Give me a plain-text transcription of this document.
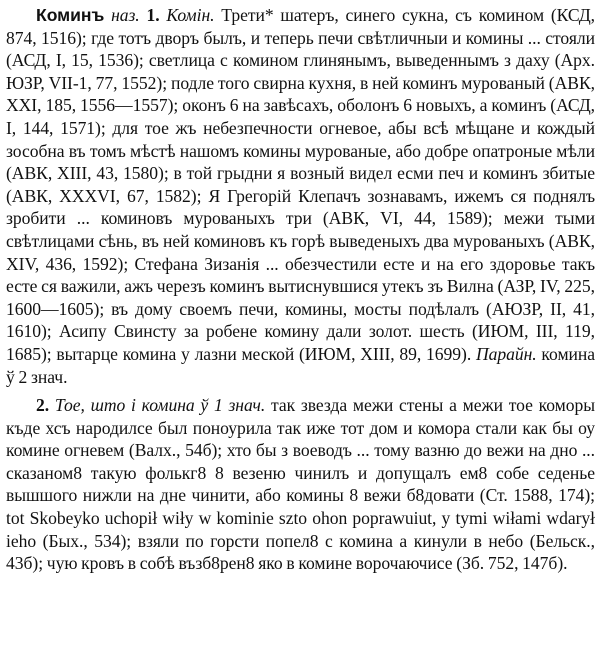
Коминъ наз. 1. Комін. Трети* шатеръ, синего сукна, съ комином (КСД, 874, 1516); где тотъ дворъ былъ, и теперь печи свѣтличныи и комины ... стояли (АСД, I, 15, 1536); светлица с комином глинянымъ, выведеннымъ з даху (Арх. ЮЗР, VII-1, 77, 1552); подле того свирна кухня, в ней коминъ мурованый (АВК, XXI, 185, 1556—1557); оконъ 6 на завѣсахъ, оболонъ 6 новыхъ, а коминъ (АСД, I, 144, 1571); для тое жъ небезпечности огневое, абы всѣ мѣщане и кождый зособна въ томъ мѣстѣ нашомъ комины мурованые, або добре опатроные мѣли (АВК, XIII, 43, 1580); в той грыдни я возный видел есми печ и коминъ збитые (АВК, XXXVI, 67, 1582); Я Грегорій Клепачъ зознавамъ, ижемъ ся поднялъ зробити ... коминовъ мурованыхъ три (АВК, VI, 44, 1589); межи тыми свѣтлицами сѣнь, въ ней коминовъ къ горѣ выведеныхъ два мурованыхъ (АВК, XIV, 436, 1592); Стефана Зизанія ... обезчестили есте и на его здоровье такъ есте ся важили, ажъ черезъ коминъ вытиснувшися утекъ зъ Вилна (АЗР, IV, 225, 1600—1605); въ дому своемъ печи, комины, мосты подѣлалъ (АЮЗР, II, 41, 1610); Асипу Свинсту за робене комину дали золот. шесть (ИЮМ, III, 119, 1685); вытарце комина у лазни меской (ИЮМ, XIII, 89, 1699). Парайн. комина ў 2 знач.

2. Тое, што і комина ў 1 знач. так звезда межи стены а межи тое коморы къде хсъ народилсе был поноурила так иже тот дом и комора стали как бы оу комине огневем (Валх., 54б); хто бы з воеводъ ... тому вазню до вежи на дно ... сказаном8 такую фолькг8 8 везеню чинилъ и допущалъ ем8 собе седенье вышшого нижли на дне чинити, або комины 8 вежи б8довати (Ст. 1588, 174); tot Skobeyko uchopił wiły w kominie szto ohon poprawuiut, y tymi wiłami wdarył ieho (Бых., 534); взяли по горсти попел8 с комина а кинули в небо (Бельск., 43б); чую кровъ в собѣ възб8рен8 яко в комине ворочаючисе (Зб. 752, 147б).
